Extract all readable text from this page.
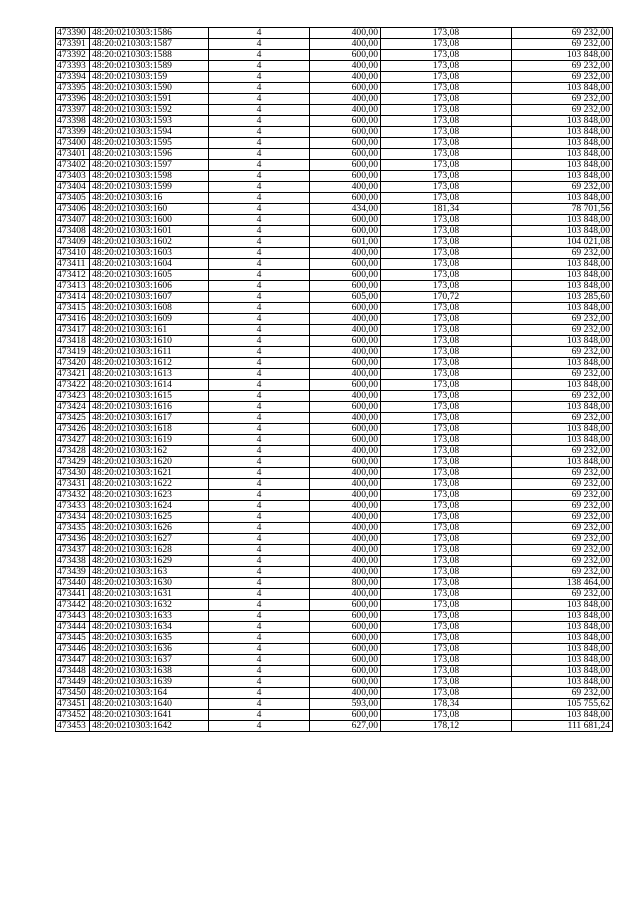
473390	48:20:0210303:1586	4	400,00	173,08	69 232,00
473391	48:20:0210303:1587	4	400,00	173,08	69 232,00
473392	48:20:0210303:1588	4	600,00	173,08	103 848,00
473393	48:20:0210303:1589	4	400,00	173,08	69 232,00
473394	48:20:0210303:159	4	400,00	173,08	69 232,00
473395	48:20:0210303:1590	4	600,00	173,08	103 848,00
473396	48:20:0210303:1591	4	400,00	173,08	69 232,00
473397	48:20:0210303:1592	4	400,00	173,08	69 232,00
473398	48:20:0210303:1593	4	600,00	173,08	103 848,00
473399	48:20:0210303:1594	4	600,00	173,08	103 848,00
473400	48:20:0210303:1595	4	600,00	173,08	103 848,00
473401	48:20:0210303:1596	4	600,00	173,08	103 848,00
473402	48:20:0210303:1597	4	600,00	173,08	103 848,00
473403	48:20:0210303:1598	4	600,00	173,08	103 848,00
473404	48:20:0210303:1599	4	400,00	173,08	69 232,00
473405	48:20:0210303:16	4	600,00	173,08	103 848,00
473406	48:20:0210303:160	4	434,00	181,34	78 701,56
473407	48:20:0210303:1600	4	600,00	173,08	103 848,00
473408	48:20:0210303:1601	4	600,00	173,08	103 848,00
473409	48:20:0210303:1602	4	601,00	173,08	104 021,08
473410	48:20:0210303:1603	4	400,00	173,08	69 232,00
473411	48:20:0210303:1604	4	600,00	173,08	103 848,00
473412	48:20:0210303:1605	4	600,00	173,08	103 848,00
473413	48:20:0210303:1606	4	600,00	173,08	103 848,00
473414	48:20:0210303:1607	4	605,00	170,72	103 285,60
473415	48:20:0210303:1608	4	600,00	173,08	103 848,00
473416	48:20:0210303:1609	4	400,00	173,08	69 232,00
473417	48:20:0210303:161	4	400,00	173,08	69 232,00
473418	48:20:0210303:1610	4	600,00	173,08	103 848,00
473419	48:20:0210303:1611	4	400,00	173,08	69 232,00
473420	48:20:0210303:1612	4	600,00	173,08	103 848,00
473421	48:20:0210303:1613	4	400,00	173,08	69 232,00
473422	48:20:0210303:1614	4	600,00	173,08	103 848,00
473423	48:20:0210303:1615	4	400,00	173,08	69 232,00
473424	48:20:0210303:1616	4	600,00	173,08	103 848,00
473425	48:20:0210303:1617	4	400,00	173,08	69 232,00
473426	48:20:0210303:1618	4	600,00	173,08	103 848,00
473427	48:20:0210303:1619	4	600,00	173,08	103 848,00
473428	48:20:0210303:162	4	400,00	173,08	69 232,00
473429	48:20:0210303:1620	4	600,00	173,08	103 848,00
473430	48:20:0210303:1621	4	400,00	173,08	69 232,00
473431	48:20:0210303:1622	4	400,00	173,08	69 232,00
473432	48:20:0210303:1623	4	400,00	173,08	69 232,00
473433	48:20:0210303:1624	4	400,00	173,08	69 232,00
473434	48:20:0210303:1625	4	400,00	173,08	69 232,00
473435	48:20:0210303:1626	4	400,00	173,08	69 232,00
473436	48:20:0210303:1627	4	400,00	173,08	69 232,00
473437	48:20:0210303:1628	4	400,00	173,08	69 232,00
473438	48:20:0210303:1629	4	400,00	173,08	69 232,00
473439	48:20:0210303:163	4	400,00	173,08	69 232,00
473440	48:20:0210303:1630	4	800,00	173,08	138 464,00
473441	48:20:0210303:1631	4	400,00	173,08	69 232,00
473442	48:20:0210303:1632	4	600,00	173,08	103 848,00
473443	48:20:0210303:1633	4	600,00	173,08	103 848,00
473444	48:20:0210303:1634	4	600,00	173,08	103 848,00
473445	48:20:0210303:1635	4	600,00	173,08	103 848,00
473446	48:20:0210303:1636	4	600,00	173,08	103 848,00
473447	48:20:0210303:1637	4	600,00	173,08	103 848,00
473448	48:20:0210303:1638	4	600,00	173,08	103 848,00
473449	48:20:0210303:1639	4	600,00	173,08	103 848,00
473450	48:20:0210303:164	4	400,00	173,08	69 232,00
473451	48:20:0210303:1640	4	593,00	178,34	105 755,62
473452	48:20:0210303:1641	4	600,00	173,08	103 848,00
473453	48:20:0210303:1642	4	627,00	178,12	111 681,24
